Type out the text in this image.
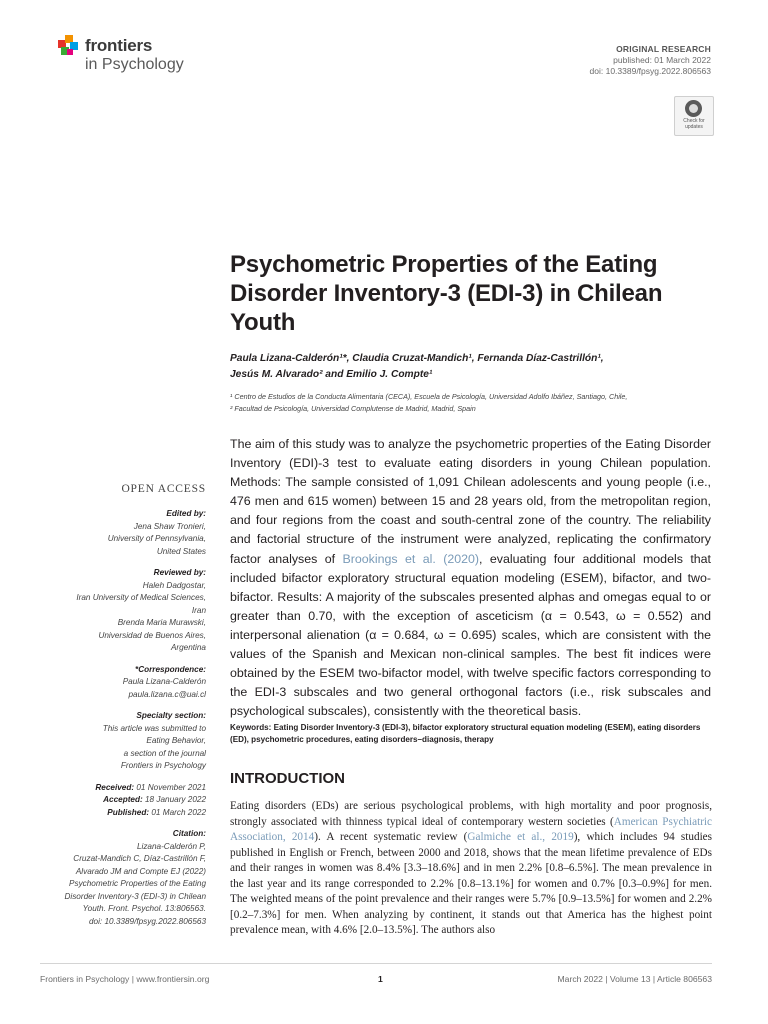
frontiers
in Psychology
ORIGINAL RESEARCH
published: 01 March 2022
doi: 10.3389/fpsyg.2022.806563
Check for updates
Psychometric Properties of the Eating Disorder Inventory-3 (EDI-3) in Chilean Youth
Paula Lizana-Calderón¹*, Claudia Cruzat-Mandich¹, Fernanda Díaz-Castrillón¹,
Jesús M. Alvarado² and Emilio J. Compte¹
¹ Centro de Estudios de la Conducta Alimentaria (CECA), Escuela de Psicología, Universidad Adolfo Ibáñez, Santiago, Chile,
² Facultad de Psicología, Universidad Complutense de Madrid, Madrid, Spain
OPEN ACCESS
Edited by:
Jena Shaw Tronieri,
University of Pennsylvania,
United States
Reviewed by:
Haleh Dadgostar,
Iran University of Medical Sciences,
Iran
Brenda Maria Murawski,
Universidad de Buenos Aires,
Argentina
*Correspondence:
Paula Lizana-Calderón
paula.lizana.c@uai.cl
Specialty section:
This article was submitted to
Eating Behavior,
a section of the journal
Frontiers in Psychology
Received: 01 November 2021
Accepted: 18 January 2022
Published: 01 March 2022
Citation:
Lizana-Calderón P,
Cruzat-Mandich C, Díaz-Castrillón F,
Alvarado JM and Compte EJ (2022)
Psychometric Properties of the Eating
Disorder Inventory-3 (EDI-3) in Chilean
Youth. Front. Psychol. 13:806563.
doi: 10.3389/fpsyg.2022.806563
The aim of this study was to analyze the psychometric properties of the Eating Disorder Inventory (EDI)-3 test to evaluate eating disorders in young Chilean population. Methods: The sample consisted of 1,091 Chilean adolescents and young people (i.e., 476 men and 615 women) between 15 and 28 years old, from the metropolitan region, and four regions from the coast and south-central zone of the country. The reliability and factorial structure of the instrument were analyzed, replicating the confirmatory factor analyses of Brookings et al. (2020), evaluating four additional models that included bifactor exploratory structural equation modeling (ESEM), bifactor, and two-bifactor. Results: A majority of the subscales presented alphas and omegas equal to or greater than 0.70, with the exception of asceticism (α = 0.543, ω = 0.552) and interpersonal alienation (α = 0.684, ω = 0.695) scales, which are consistent with the values of the Spanish and Mexican non-clinical samples. The best fit indices were obtained by the ESEM two-bifactor model, with twelve specific factors corresponding to the EDI-3 subscales and two general orthogonal factors (i.e., risk subscales and psychological subscales), consistently with the theoretical basis.
Keywords: Eating Disorder Inventory-3 (EDI-3), bifactor exploratory structural equation modeling (ESEM), eating disorders (ED), psychometric procedures, eating disorders–diagnosis, therapy
INTRODUCTION
Eating disorders (EDs) are serious psychological problems, with high mortality and poor prognosis, strongly associated with thinness typical ideal of contemporary western societies (American Psychiatric Association, 2014). A recent systematic review (Galmiche et al., 2019), which includes 94 studies published in English or French, between 2000 and 2018, shows that the mean lifetime prevalence of EDs and their ranges in women was 8.4% [3.3–18.6%] and in men 2.2% [0.8–6.5%]. The mean prevalence in the last year and its range corresponded to 2.2% [0.8–13.1%] for women and 0.7% [0.3–0.9%] for men. The weighted means of the point prevalence and their ranges were 5.7% [0.9–13.5%] for women and 2.2% [0.2–7.3%] for men. When analyzing by continent, it stands out that America has the highest point prevalence mean, with 4.6% [2.0–13.5%]. The authors also
Frontiers in Psychology | www.frontiersin.org	1	March 2022 | Volume 13 | Article 806563
